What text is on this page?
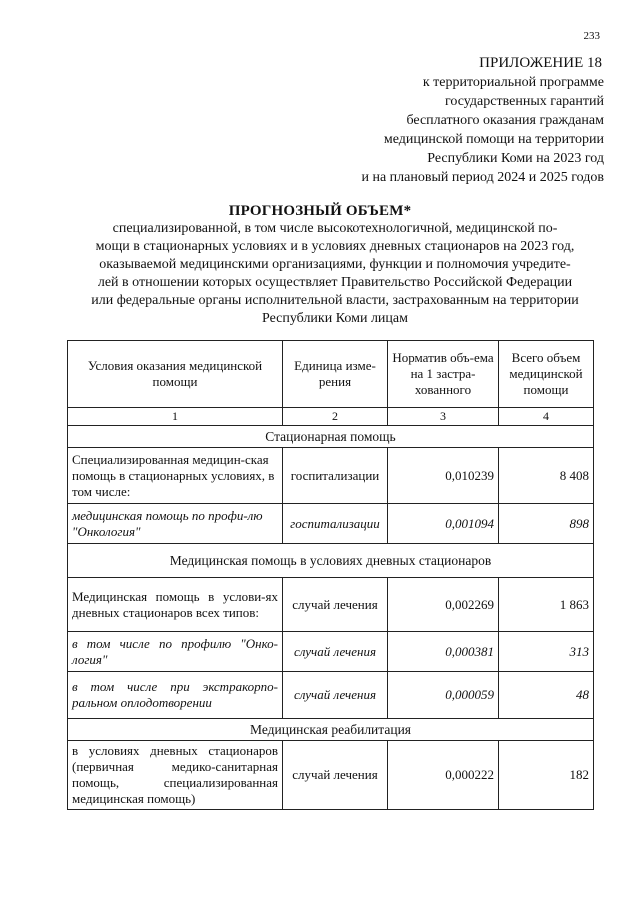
233
ПРИЛОЖЕНИЕ 18
к территориальной программе
государственных гарантий
бесплатного оказания гражданам
медицинской помощи на территории
Республики Коми на 2023 год
и на плановый период 2024 и 2025 годов
ПРОГНОЗНЫЙ ОБЪЕМ*
специализированной, в том числе высокотехнологичной, медицинской по-
мощи в стационарных условиях и в условиях дневных стационаров на 2023 год,
оказываемой медицинскими организациями, функции и полномочия учредите-
лей в отношении которых осуществляет Правительство Российской Федерации
или федеральные органы исполнительной власти, застрахованным на территории
Республики Коми лицам
Условия оказания медицинской помощи	Единица изме-рения	Норматив объ-ема на 1 застра-хованного	Всего объем медицинской помощи
1	2	3	4
Стационарная помощь			
Специализированная медицин-ская помощь в стационарных условиях, в том числе:	госпитализации	0,010239	8 408
медицинская помощь по профи-лю "Онкология"	госпитализации	0,001094	898
Медицинская помощь в условиях дневных стационаров			
Медицинская помощь в услови-ях дневных стационаров всех типов:	случай лечения	0,002269	1 863
в том числе по профилю "Онко-логия"	случай лечения	0,000381	313
в том числе при экстракорпо-ральном оплодотворении	случай лечения	0,000059	48
Медицинская реабилитация			
в условиях дневных стационаров (первичная медико-санитарная помощь, специализированная медицинская помощь)	случай лечения	0,000222	182
